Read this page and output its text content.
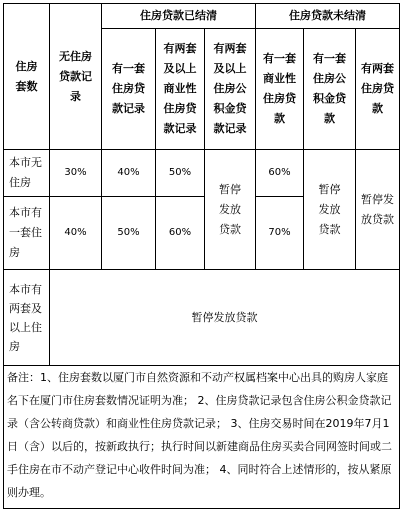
住房套数	无住房贷款记录	住房贷款已结清			住房贷款未结清		
		有一套住房贷款记录	有两套及以上商业性住房贷款记录	有两套及以上住房公积金贷款记录	有一套商业性住房贷款	有一套住房公积金贷款	有两套住房贷款
本市无住房	30%	40%	50%	暂停发放贷款	60%	暂停发放贷款	暂停发放贷款
本市有一套住房	40%	50%	60%		70%		
本市有两套及以上住房	暂停发放贷款						
备注：1、住房套数以厦门市自然资源和不动产权属档案中心出具的购房人家庭名下在厦门市住房套数情况证明为准； 2、住房贷款记录包含住房公积金贷款记录（含公转商贷款）和商业性住房贷款记录； 3、住房交易时间在2019年7月1日（含）以后的，按新政执行；执行时间以新建商品住房买卖合同网签时间或二手住房在市不动产登记中心收件时间为准； 4、同时符合上述情形的，按从紧原则办理。							
